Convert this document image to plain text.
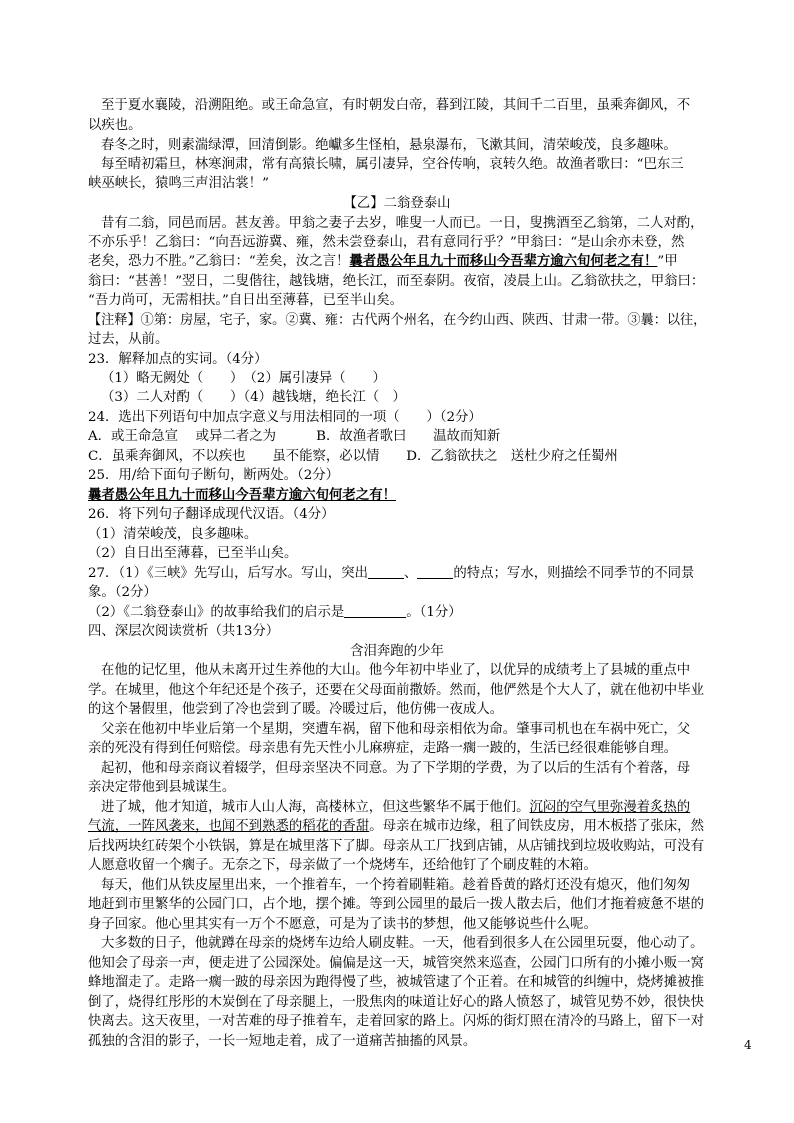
至于夏水襄陵，沿溯阻绝。或王命急宣，有时朝发白帝，暮到江陵，其间千二百里，虽乘奔御风，不
以疾也。
春冬之时，则素湍绿潭，回清倒影。绝巘多生怪柏，悬泉瀑布，飞漱其间，清荣峻茂，良多趣味。
每至晴初霜旦，林寒涧肃，常有高猿长啸，属引凄异，空谷传响，哀转久绝。故渔者歌曰：“巴东三
峡巫峡长，猿鸣三声泪沾裳！”
【乙】二翁登泰山
昔有二翁，同邑而居。甚友善。甲翁之妻子去岁，唯叟一人而已。一日，叟携酒至乙翁第，二人对酌，
不亦乐乎！乙翁曰：“向吾远游冀、雍，然未尝登泰山，君有意同行乎？”甲翁曰：“是山余亦未登，然
老矣，恐力不胜。”乙翁曰：“差矣，汝之言！曩者愚公年且九十而移山今吾辈方逾六旬何老之有！”甲
翁曰：“甚善！”翌日，二叟偕往，越钱塘，绝长江，而至泰阴。夜宿，凌晨上山。乙翁欲扶之，甲翁曰：
“吾力尚可，无需相扶。”自日出至薄暮，已至半山矣。
【注释】①第：房屋，宅子，家。②冀、雍：古代两个州名，在今约山西、陕西、甘肃一带。③曩：以往，
过去，从前。
23．解释加点的实词。（4分）
（1）略无阙处（　　）　（2）属引凄异（　　）
（3）二人对酌（　　）（4）越钱塘，绝长江（　）
24．选出下列语句中加点字意义与用法相同的一项（　　）（2分）
A．或王命急宣　 或异二者之为　　　B．故渔者歌曰　　温故而知新
C．虽乘奔御风，不以疾也　　虽不能察，必以情　　D．乙翁欲扶之　送杜少府之任蜀州
25．用/给下面句子断句，断两处。（2分）
曩者愚公年且九十而移山今吾辈方逾六旬何老之有！
26．将下列句子翻译成现代汉语。（4分）
（1）清荣峻茂，良多趣味。
（2）自日出至薄暮，已至半山矣。
27．（1）《三峡》先写山，后写水。写山，突出	、	的特点；写水，则描绘不同季节的不同景
象。（2分）
（2）《二翁登泰山》的故事给我们的启示是	。（1分）
四、深层次阅读赏析（共13分）
含泪奔跑的少年
在他的记忆里，他从未离开过生养他的大山。他今年初中毕业了，以优异的成绩考上了县城的重点中
学。在城里，他这个年纪还是个孩子，还要在父母面前撒娇。然而，他俨然是个大人了，就在他初中毕业
的这个暑假里，他尝到了冷也尝到了暖。冷暖过后，他仿佛一夜成人。
父亲在他初中毕业后第一个星期，突遭车祸，留下他和母亲相依为命。肇事司机也在车祸中死亡，父
亲的死没有得到任何赔偿。母亲患有先天性小儿麻痹症，走路一瘸一跛的，生活已经很难能够自理。
起初，他和母亲商议着辍学，但母亲坚决不同意。为了下学期的学费，为了以后的生活有个着落，母
亲决定带他到县城谋生。
进了城，他才知道，城市人山人海，高楼林立，但这些繁华不属于他们。沉闷的空气里弥漫着炙热的
气流，一阵风袭来，也闻不到熟悉的稻花的香甜。母亲在城市边缘，租了间铁皮房，用木板搭了张床，然
后找两块红砖架个小铁锅，算是在城里落下了脚。母亲从工厂找到店铺，从店铺找到垃圾收购站，可没有
人愿意收留一个瘸子。无奈之下，母亲做了一个烧烤车，还给他钉了个刷皮鞋的木箱。
每天，他们从铁皮屋里出来，一个推着车，一个挎着刷鞋箱。趁着昏黄的路灯还没有熄灭，他们匆匆
地赶到市里繁华的公园门口，占个地，摆个摊。等到公园里的最后一拨人散去后，他们才拖着疲惫不堪的
身子回家。他心里其实有一万个不愿意，可是为了读书的梦想，他又能够说些什么呢。
大多数的日子，他就蹲在母亲的烧烤车边给人刷皮鞋。一天，他看到很多人在公园里玩耍，他心动了。
他知会了母亲一声，便走进了公园深处。偏偏是这一天，城管突然来巡查，公园门口所有的小摊小贩一窝
蜂地溜走了。走路一瘸一跛的母亲因为跑得慢了些，被城管逮了个正着。在和城管的纠缠中，烧烤摊被推
倒了，烧得红彤彤的木炭倒在了母亲腿上，一股焦肉的味道让好心的路人愤怒了，城管见势不妙，很快快
快离去。这天夜里，一对苦难的母子推着车，走着回家的路上。闪烁的街灯照在清冷的马路上，留下一对
孤独的含泪的影子，一长一短地走着，成了一道痛苦抽搐的风景。	4
